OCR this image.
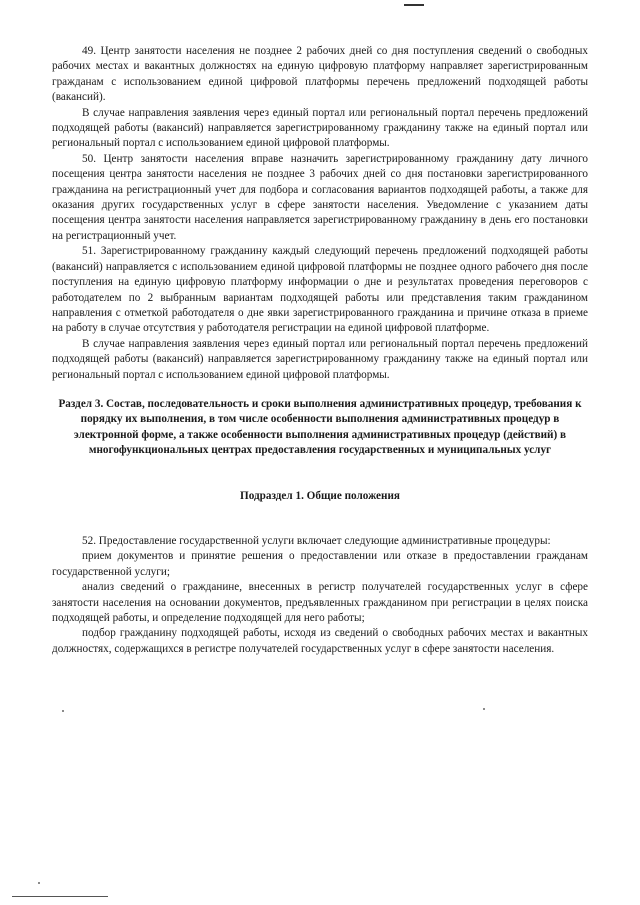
49. Центр занятости населения не позднее 2 рабочих дней со дня поступления сведений о свободных рабочих местах и вакантных должностях на единую цифровую платформу направляет зарегистрированным гражданам с использованием единой цифровой платформы перечень предложений подходящей работы (вакансий).

В случае направления заявления через единый портал или региональный портал перечень предложений подходящей работы (вакансий) направляется зарегистрированному гражданину также на единый портал или региональный портал с использованием единой цифровой платформы.

50. Центр занятости населения вправе назначить зарегистрированному гражданину дату личного посещения центра занятости населения не позднее 3 рабочих дней со дня постановки зарегистрированного гражданина на регистрационный учет для подбора и согласования вариантов подходящей работы, а также для оказания других государственных услуг в сфере занятости населения. Уведомление с указанием даты посещения центра занятости населения направляется зарегистрированному гражданину в день его постановки на регистрационный учет.

51. Зарегистрированному гражданину каждый следующий перечень предложений подходящей работы (вакансий) направляется с использованием единой цифровой платформы не позднее одного рабочего дня после поступления на единую цифровую платформу информации о дне и результатах проведения переговоров с работодателем по 2 выбранным вариантам подходящей работы или представления таким гражданином направления с отметкой работодателя о дне явки зарегистрированного гражданина и причине отказа в приеме на работу в случае отсутствия у работодателя регистрации на единой цифровой платформе.

В случае направления заявления через единый портал или региональный портал перечень предложений подходящей работы (вакансий) направляется зарегистрированному гражданину также на единый портал или региональный портал с использованием единой цифровой платформы.

Раздел 3. Состав, последовательность и сроки выполнения административных процедур, требования к порядку их выполнения, в том числе особенности выполнения административных процедур в электронной форме, а также особенности выполнения административных процедур (действий) в многофункциональных центрах предоставления государственных и муниципальных услуг
Подраздел 1. Общие положения

52. Предоставление государственной услуги включает следующие административные процедуры:

прием документов и принятие решения о предоставлении или отказе в предоставлении гражданам государственной услуги;

анализ сведений о гражданине, внесенных в регистр получателей государственных услуг в сфере занятости населения на основании документов, предъявленных гражданином при регистрации в целях поиска подходящей работы, и определение подходящей для него работы;

подбор гражданину подходящей работы, исходя из сведений о свободных рабочих местах и вакантных должностях, содержащихся в регистре получателей государственных услуг в сфере занятости населения.
